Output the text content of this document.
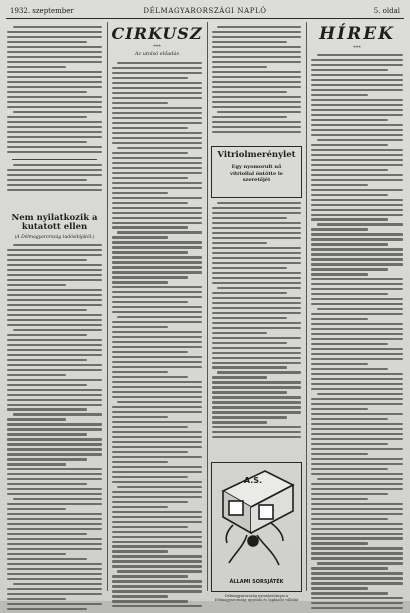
1932. szeptember	DÉLMAGYARORSZÁGI NAPLÓ	5. oldal
Nem nyilatkozik a kutatott ellen
(A Délmagyarország tudósítójától.)
CIRKUSZ
***
Az utolsó előadás
Vitriolmerénylet
Egy nyomorult nő vitriollal öntötte le szeretőjét
A.S.
ÁLLAMI SORSJÁTÉK
Délmagyarország nyomtatványai a Délmagyarország nyomda és lapkiadó vállalat
HÍREK
***
